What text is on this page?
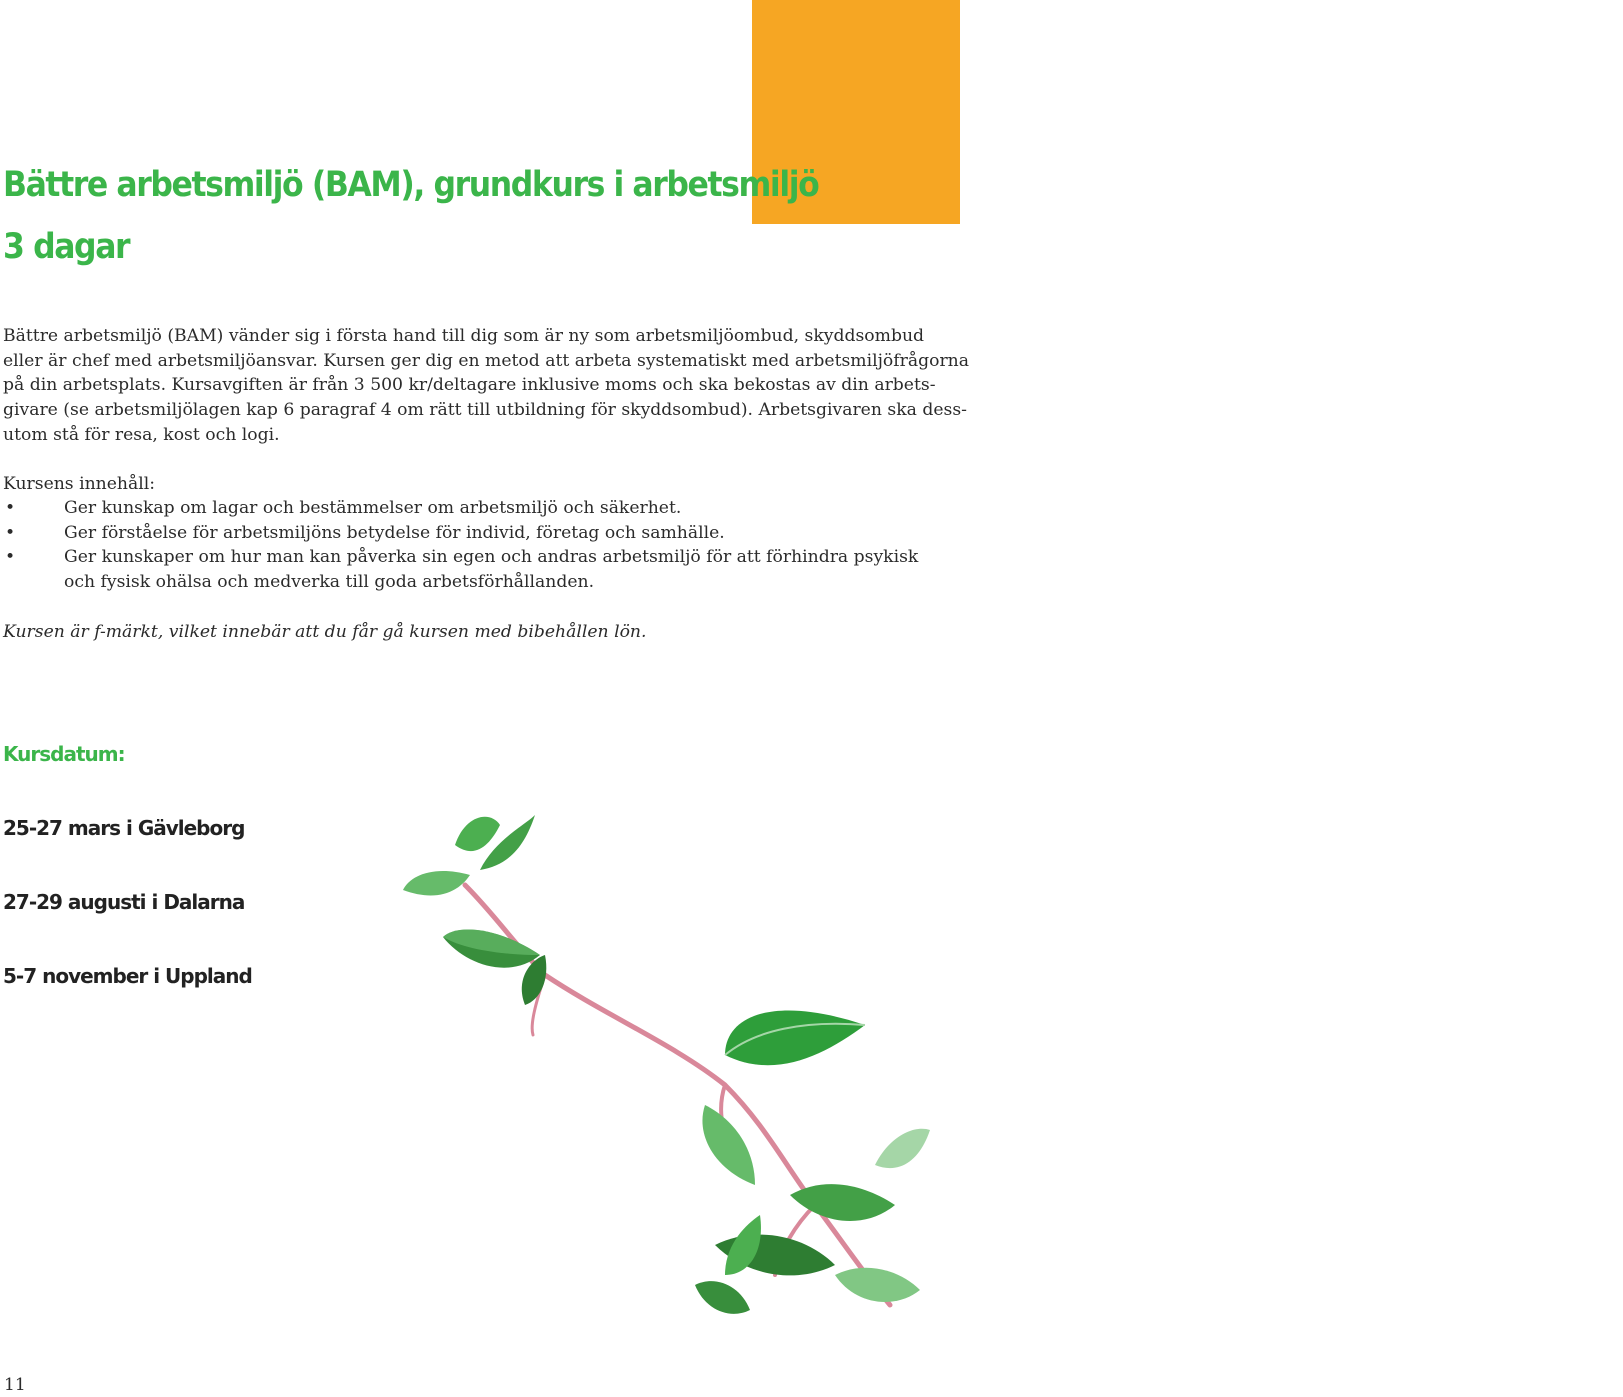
1
Bättre arbetsmiljö (BAM), grundkurs i arbetsmiljö
3 dagar

Bättre arbetsmiljö (BAM) vänder sig i första hand till dig som är ny som arbetsmiljöombud, skyddsombud
eller är chef med arbetsmiljöansvar. Kursen ger dig en metod att arbeta systematiskt med arbetsmiljöfrågorna
på din arbetsplats. Kursavgiften är från 3 500 kr/deltagare inklusive moms och ska bekostas av din arbets-
givare (se arbetsmiljölagen kap 6 paragraf 4 om rätt till utbildning för skyddsombud). Arbetsgivaren ska dess-
utom stå för resa, kost och logi.

Kursens innehåll:

•	Ger kunskap om lagar och bestämmelser om arbetsmiljö och säkerhet.
•	Ger förståelse för arbetsmiljöns betydelse för individ, företag och samhälle.
•	Ger kunskaper om hur man kan påverka sin egen och andras arbetsmiljö för att förhindra psykisk
och fysisk ohälsa och medverka till goda arbetsförhållanden.

Kursen är f-märkt, vilket innebär att du får gå kursen med bibehållen lön.

Kursdatum:

25-27 mars i Gävleborg

27-29 augusti i Dalarna

5-7 november i Uppland

11
